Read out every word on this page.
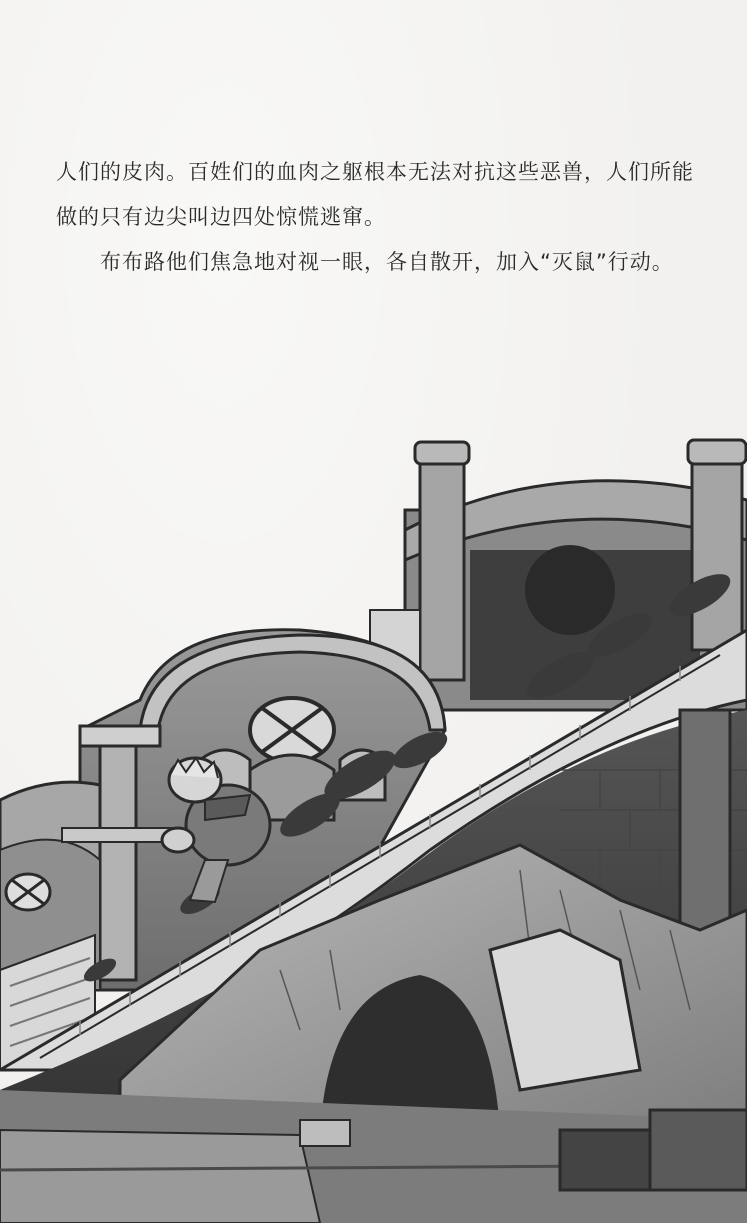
人们的皮肉。百姓们的血肉之躯根本无法对抗这些恶兽，人们所能做的只有边尖叫边四处惊慌逃窜。

布布路他们焦急地对视一眼，各自散开，加入“灭鼠”行动。
